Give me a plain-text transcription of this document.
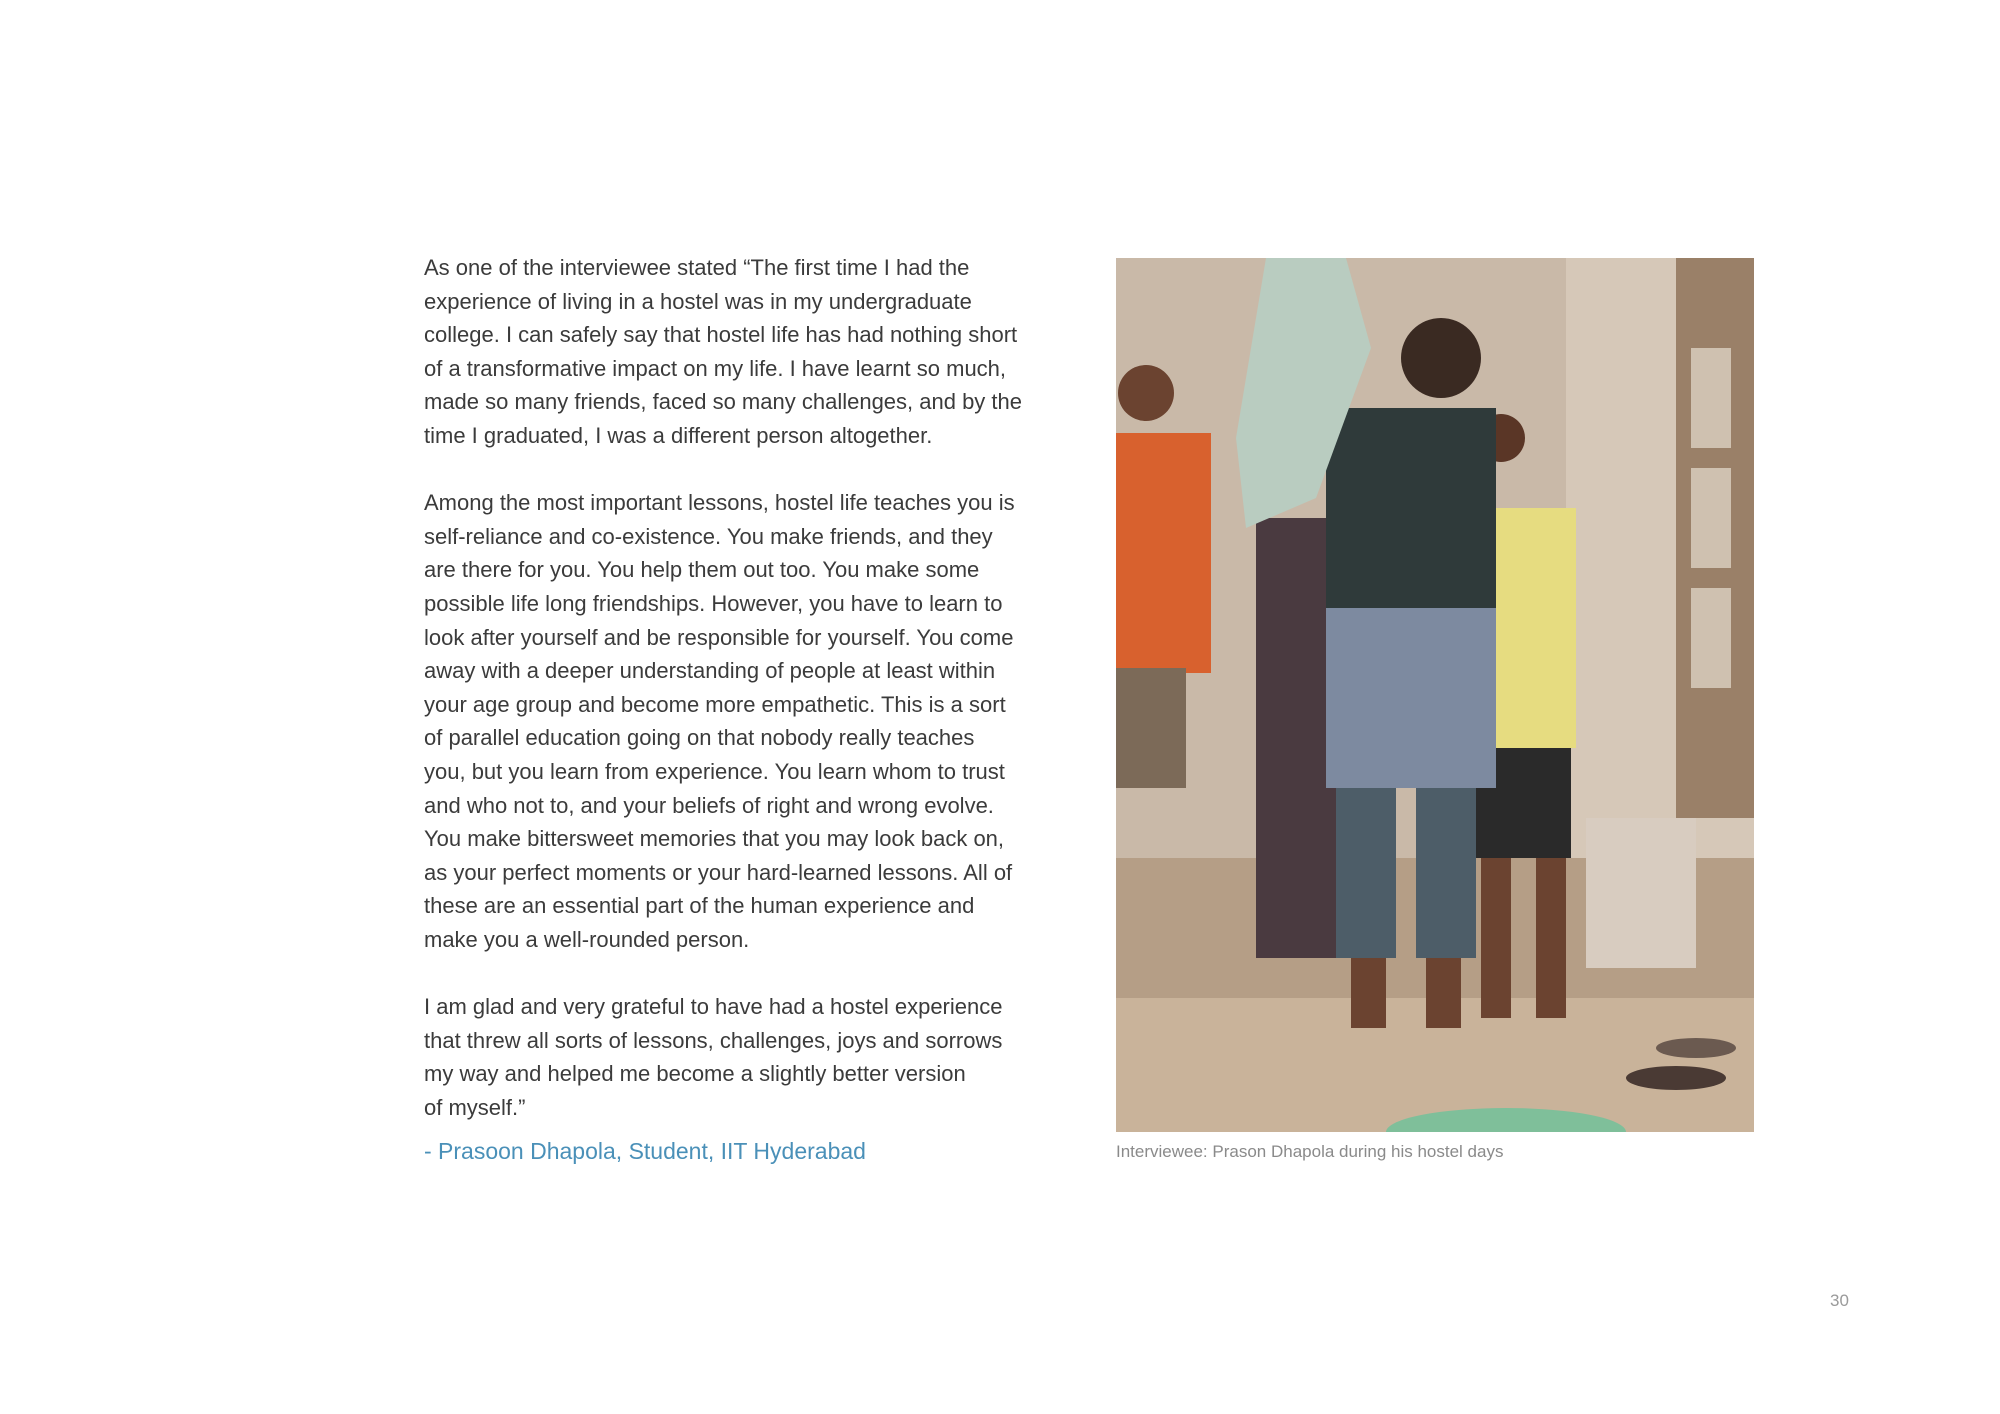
As one of the interviewee stated “The first time I had the
experience of living in a hostel was in my undergraduate
college. I can safely say that hostel life has had nothing short
of a transformative impact on my life. I have learnt so much,
made so many friends, faced so many challenges, and by the
time I graduated, I was a different person altogether.

Among the most important lessons, hostel life teaches you is
self-reliance and co-existence. You make friends, and they
are there for you. You help them out too. You make some
possible life long friendships. However, you have to learn to
look after yourself and be responsible for yourself. You come
away with a deeper understanding of people at least within
your age group and become more empathetic. This is a sort
of parallel education going on that nobody really teaches
you, but you learn from experience. You learn whom to trust
and who not to, and your beliefs of right and wrong evolve.
You make bittersweet memories that you may look back on,
as your perfect moments or your hard-learned lessons. All of
these are an essential part of the human experience and
make you a well-rounded person.

I am glad and very grateful to have had a hostel experience
that threw all sorts of lessons, challenges, joys and sorrows
my way and helped me become a slightly better version
of myself.”

- Prasoon Dhapola, Student, IIT Hyderabad	Interviewee: Prason Dhapola during his hostel days
30
